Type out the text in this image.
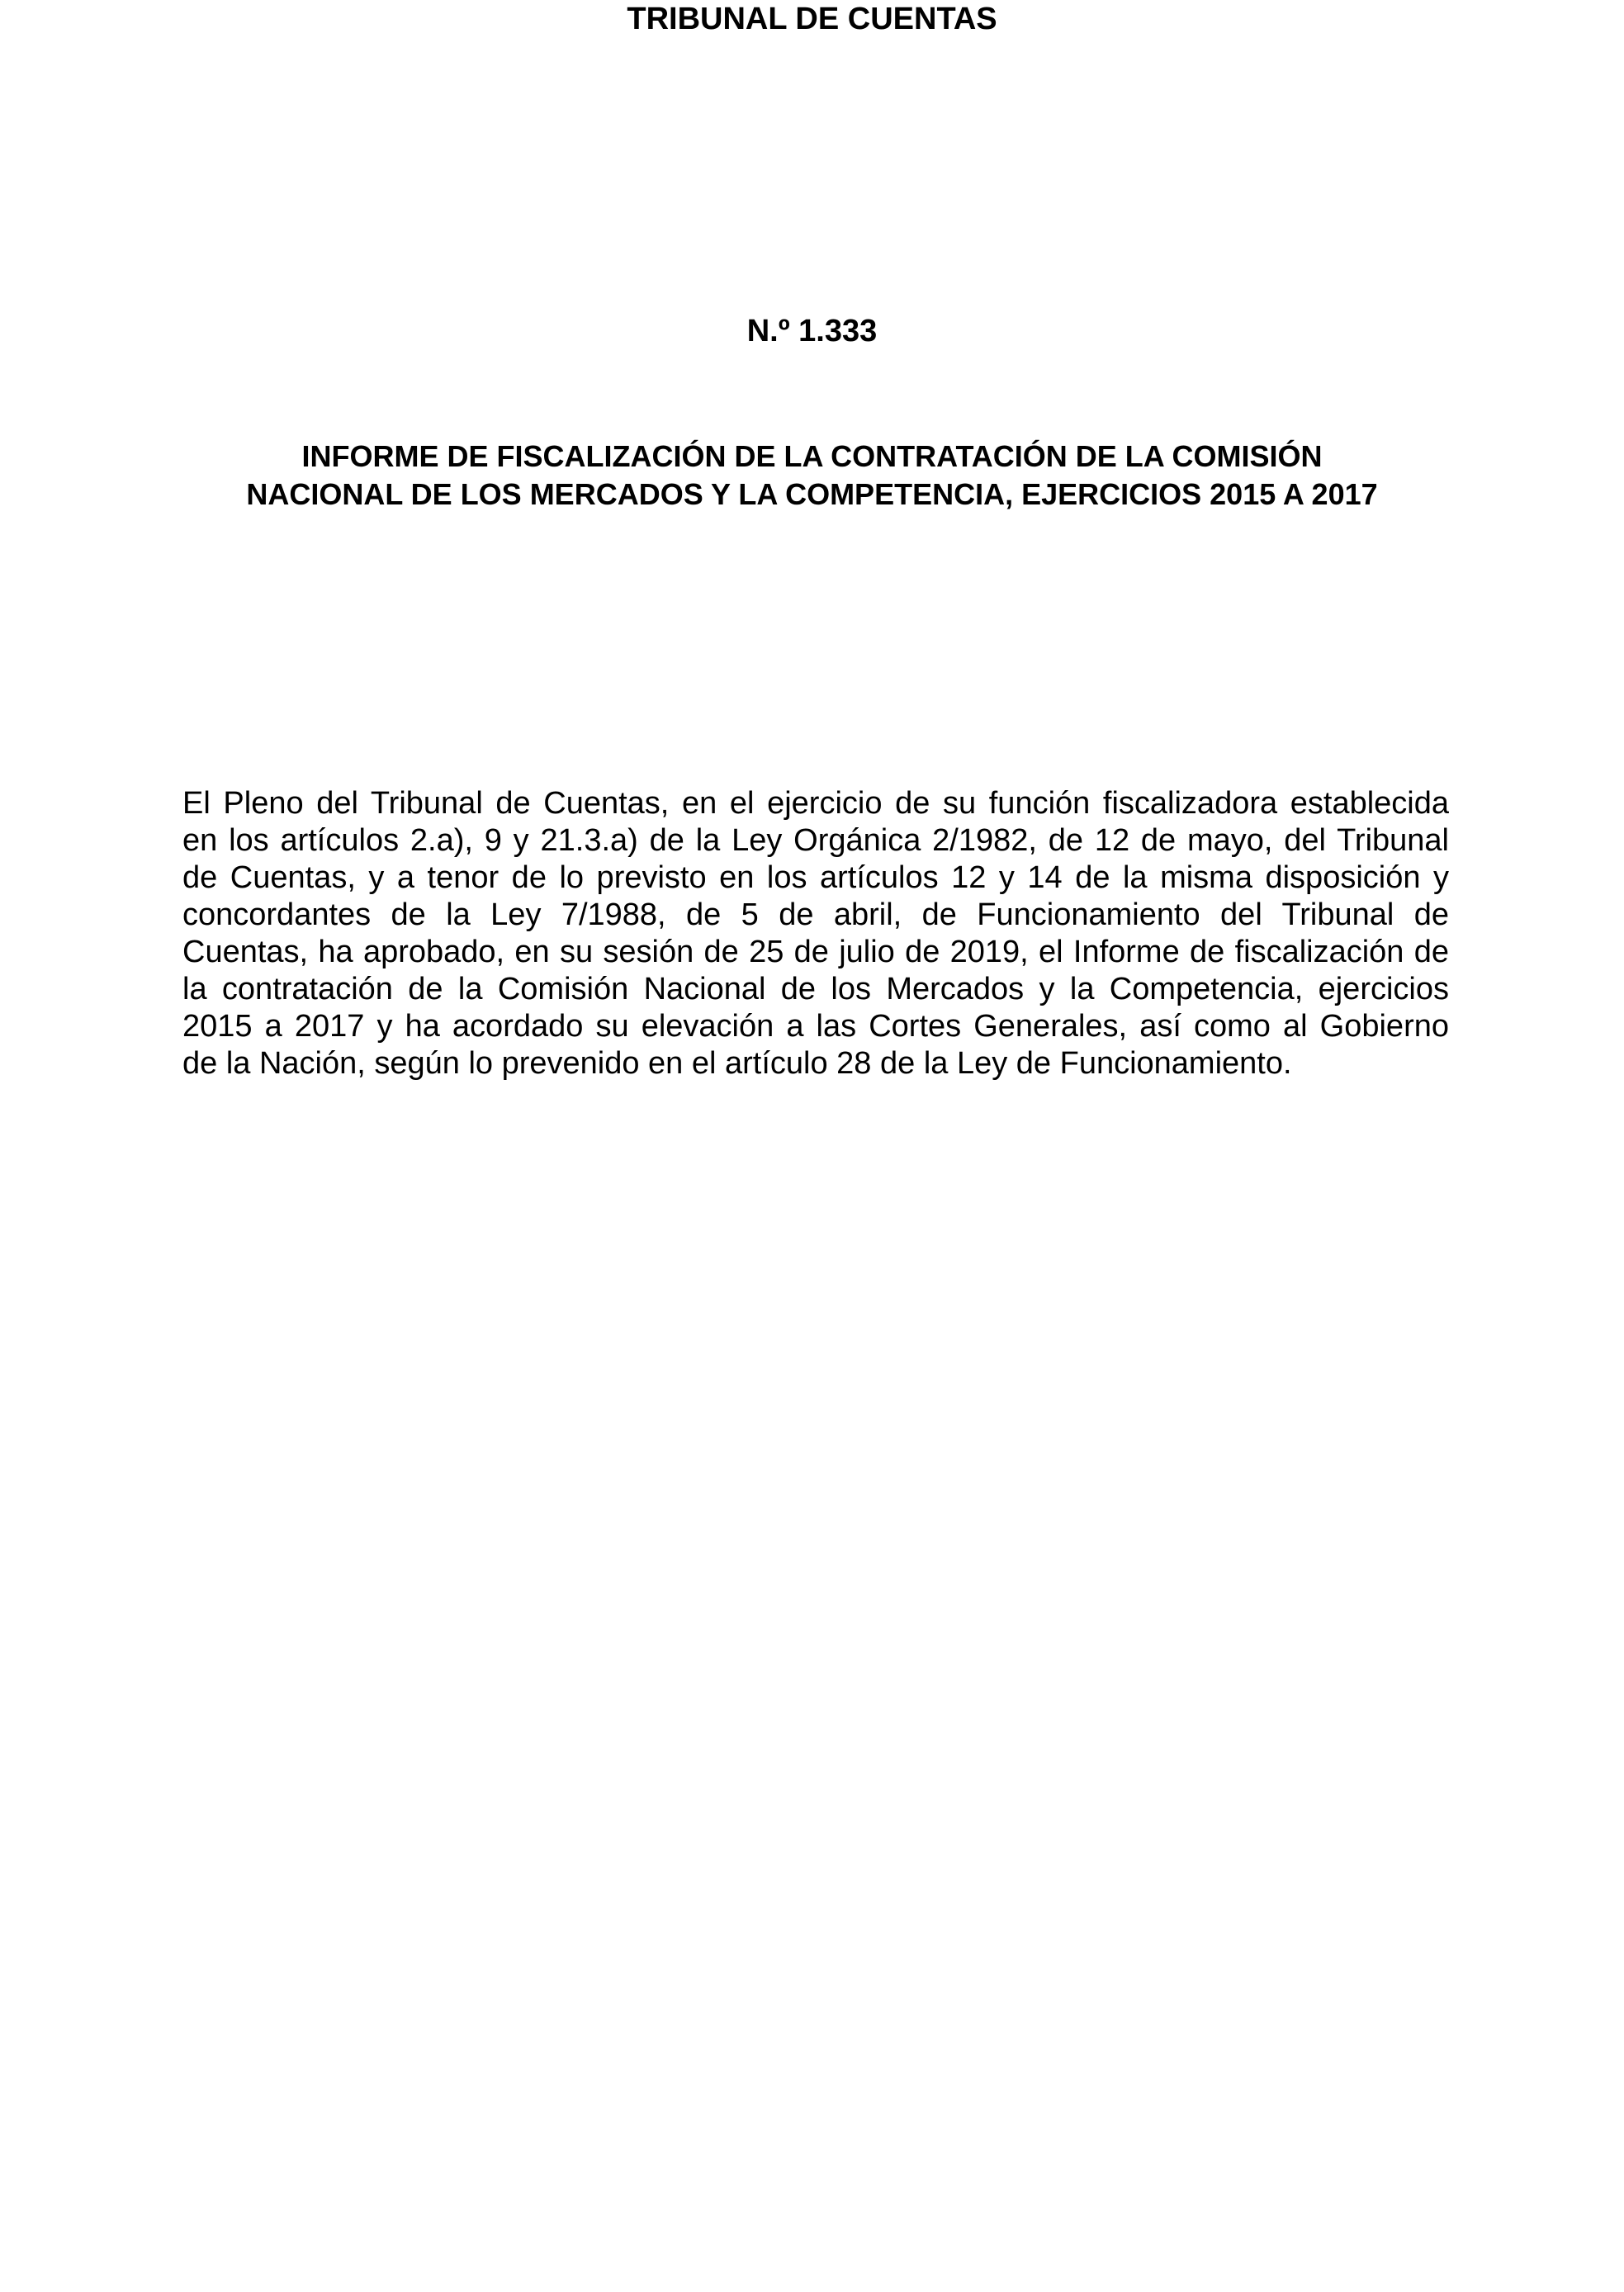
TRIBUNAL DE CUENTAS
N.º 1.333
INFORME DE FISCALIZACIÓN DE LA CONTRATACIÓN DE LA COMISIÓN
NACIONAL DE LOS MERCADOS Y LA COMPETENCIA, EJERCICIOS 2015 A 2017

El Pleno del Tribunal de Cuentas, en el ejercicio de su función fiscalizadora establecida
en los artículos 2.a), 9 y 21.3.a) de la Ley Orgánica 2/1982, de 12 de mayo, del Tribunal
de Cuentas, y a tenor de lo previsto en los artículos 12 y 14 de la misma disposición y
concordantes de la Ley 7/1988, de 5 de abril, de Funcionamiento del Tribunal de
Cuentas, ha aprobado, en su sesión de 25 de julio de 2019, el Informe de fiscalización de
la contratación de la Comisión Nacional de los Mercados y la Competencia, ejercicios
2015 a 2017 y ha acordado su elevación a las Cortes Generales, así como al Gobierno
de la Nación, según lo prevenido en el artículo 28 de la Ley de Funcionamiento.
